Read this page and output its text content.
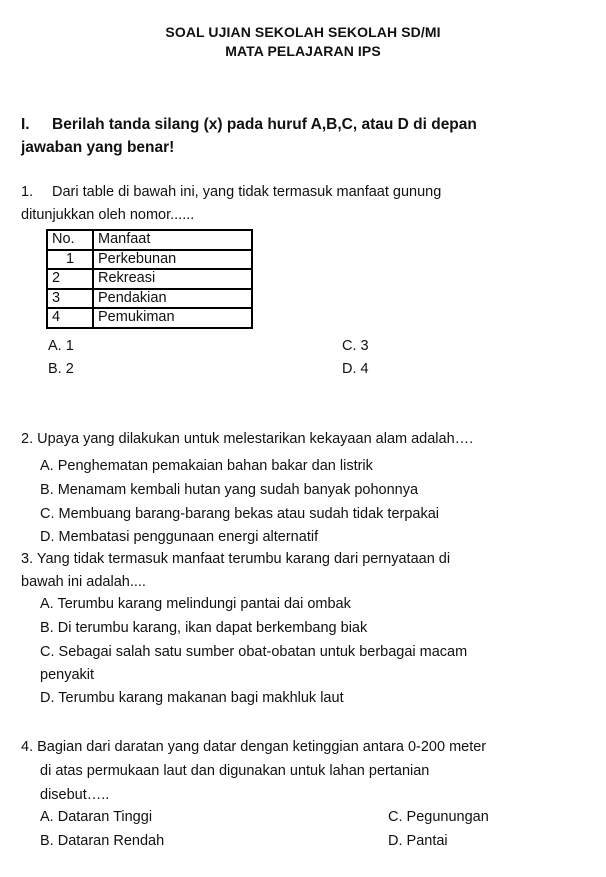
SOAL UJIAN SEKOLAH SEKOLAH SD/MI
MATA PELAJARAN IPS
I. Berilah tanda silang (x) pada huruf A,B,C, atau D di depan
jawaban yang benar!
1. Dari table di bawah ini, yang tidak termasuk manfaat gunung
ditunjukkan oleh nomor......
No.	Manfaat
1	Perkebunan
2	Rekreasi
3	Pendakian
4	Pemukiman
A. 1
B. 2
C. 3
D. 4
2. Upaya yang dilakukan untuk melestarikan kekayaan alam adalah….
A. Penghematan pemakaian bahan bakar dan listrik
B. Menamam kembali hutan yang sudah banyak pohonnya
C. Membuang barang-barang bekas atau sudah tidak terpakai
D. Membatasi penggunaan energi alternatif
3. Yang tidak termasuk manfaat terumbu karang dari pernyataan di
bawah ini adalah....
A. Terumbu karang melindungi pantai dai ombak
B. Di terumbu karang, ikan dapat berkembang biak
C. Sebagai salah satu sumber obat-obatan untuk berbagai macam
penyakit
D. Terumbu karang makanan bagi makhluk laut
4. Bagian dari daratan yang datar dengan ketinggian antara 0-200 meter
di atas permukaan laut dan digunakan untuk lahan pertanian
disebut…..
A. Dataran Tinggi
B. Dataran Rendah
C. Pegunungan
D. Pantai
